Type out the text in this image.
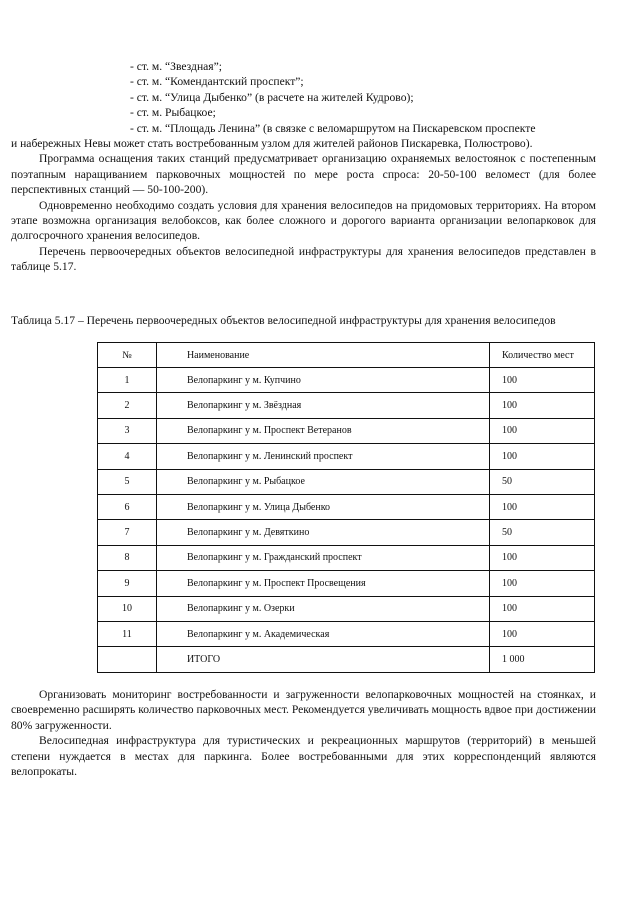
- ст. м. “Звездная”;
- ст. м. “Комендантский проспект”;
- ст. м. “Улица Дыбенко” (в расчете на жителей Кудрово);
- ст. м. Рыбацкое;
- ст. м. “Площадь Ленина” (в связке с веломаршрутом на Пискаревском проспекте
и набережных Невы может стать востребованным узлом для жителей районов Пискаревка, Полюстрово).
Программа оснащения таких станций предусматривает организацию охраняемых велостоянок с постепенным поэтапным наращиванием парковочных мощностей по мере роста спроса: 20-50-100 веломест (для более перспективных станций — 50-100-200).
Одновременно необходимо создать условия для хранения велосипедов на придомовых территориях. На втором этапе возможна организация велобоксов, как более сложного и дорогого варианта организации велопарковок для долгосрочного хранения велосипедов.
Перечень первоочередных объектов велосипедной инфраструктуры для хранения велосипедов представлен в таблице 5.17.
Таблица 5.17 – Перечень первоочередных объектов велосипедной инфраструктуры для хранения велосипедов
№	Наименование	Количество мест
1	Велопаркинг у м. Купчино	100
2	Велопаркинг у м. Звёздная	100
3	Велопаркинг у м. Проспект Ветеранов	100
4	Велопаркинг у м. Ленинский проспект	100
5	Велопаркинг у м. Рыбацкое	50
6	Велопаркинг у м. Улица Дыбенко	100
7	Велопаркинг у м. Девяткино	50
8	Велопаркинг у м. Гражданский проспект	100
9	Велопаркинг у м. Проспект Просвещения	100
10	Велопаркинг у м. Озерки	100
11	Велопаркинг у м. Академическая	100
	ИТОГО	1 000
Организовать мониторинг востребованности и загруженности велопарковочных мощностей на стоянках, и своевременно расширять количество парковочных мест. Рекомендуется увеличивать мощность вдвое при достижении 80% загруженности.
Велосипедная инфраструктура для туристических и рекреационных маршрутов (территорий) в меньшей степени нуждается в местах для паркинга. Более востребованными для этих корреспонденций являются велопрокаты.
